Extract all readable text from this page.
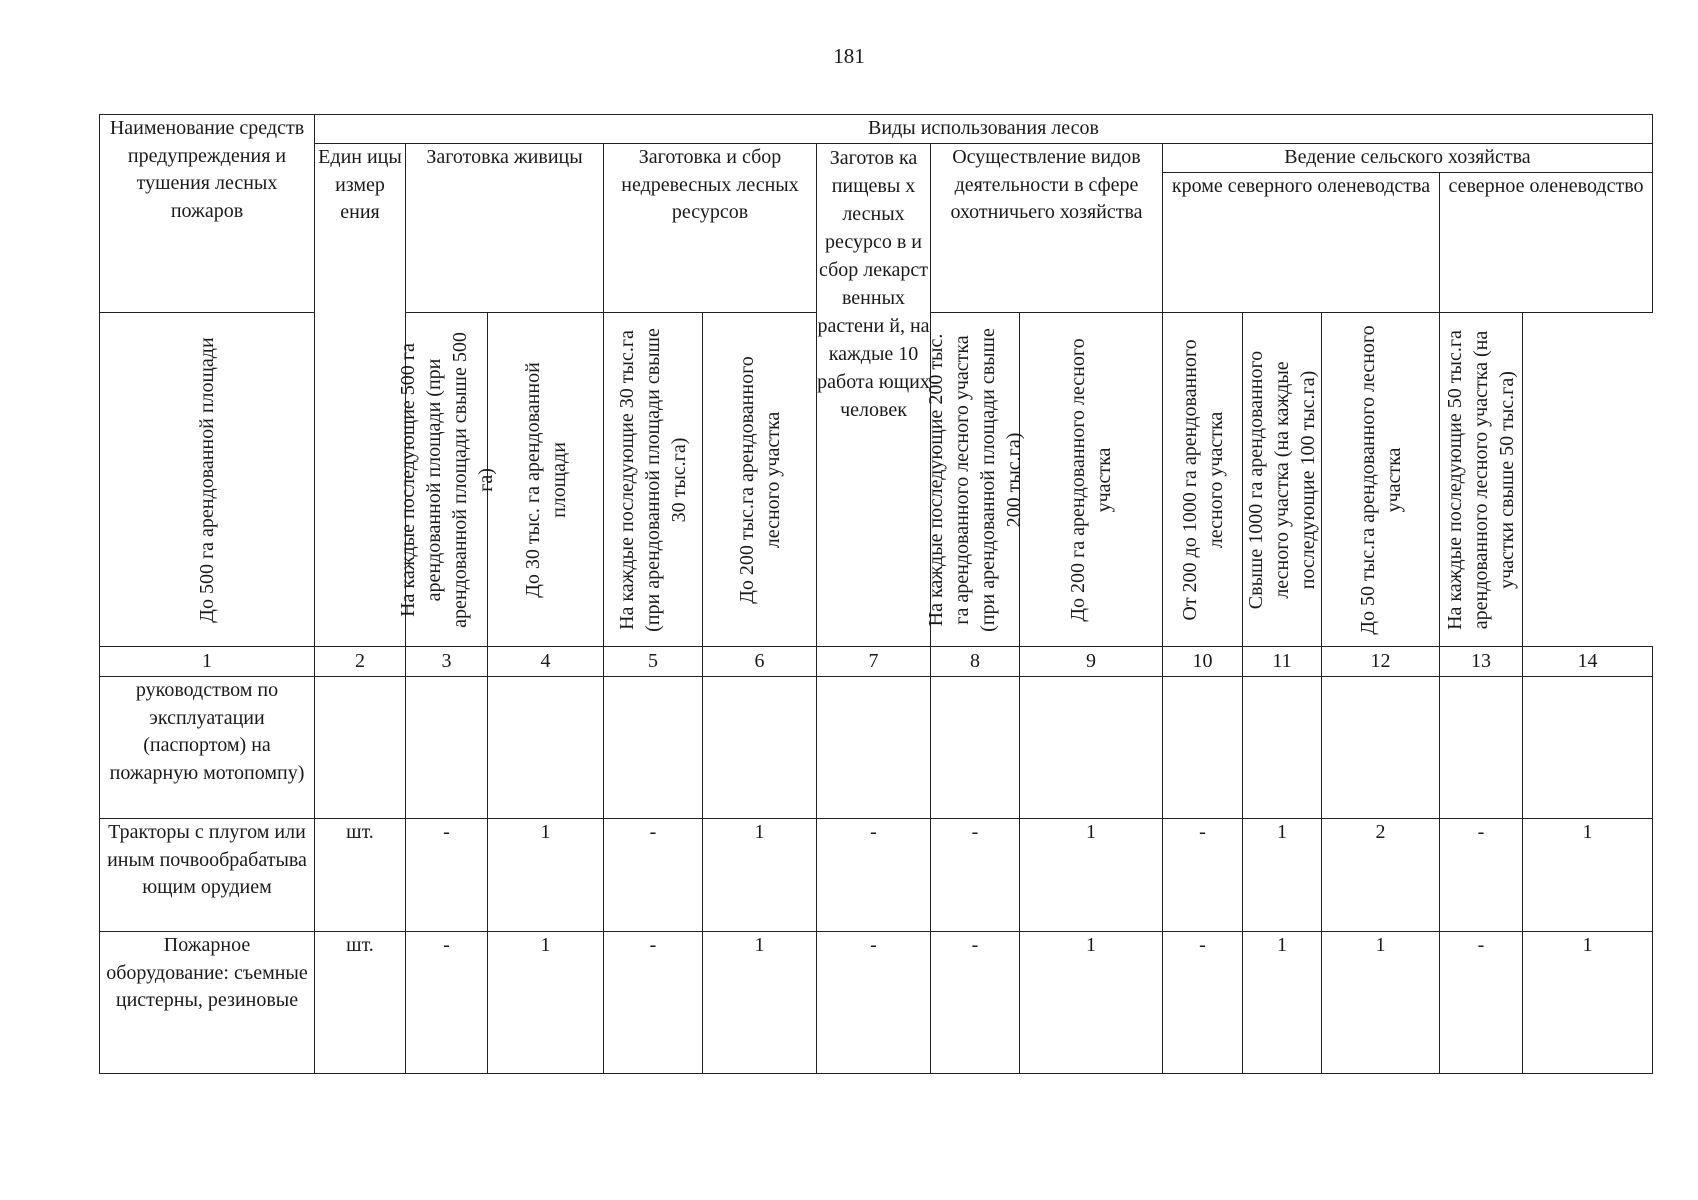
181
Наименование средств предупреждения и тушения лесных пожаров	Виды использования лесов												
	Един ицы измер ения	Заготовка живицы		Заготовка и сбор недревесных лесных ресурсов		Заготов ка пищевы х лесных ресурсо в и сбор лекарст венных растени й, на каждые 10 работа ющих человек	Осуществление видов деятельности в сфере охотничьего хозяйства		Ведение сельского хозяйства				
									кроме северного оленеводства			северное оленеводство	

До 500 га арендованной площади		На каждые последующие 500 га арендованной площади (при арендованной площади свыше 500 га)	До 30 тыс. га арендованной площади	На каждые последующие 30 тыс.га (при арендованной площади свыше 30 тыс.га)	До 200 тыс.га арендованного лесного участка		На каждые последующие 200 тыс. га арендованного лесного участка (при арендованной площади свыше 200 тыс.га)	До 200 га арендованного лесного участка	От 200 до 1000 га арендованного лесного участка	Свыше 1000 га арендованного лесного участка (на каждые последующие 100 тыс.га)	До 50 тыс.га арендованного лесного участка	На каждые последующие 50 тыс.га арендованного лесного участка (на участки свыше 50 тыс.га)	

1	2	3	4	5	6	7	8	9	10	11	12	13	14
руководством по эксплуатации (паспортом) на пожарную мотопомпу)													
Тракторы с плугом или иным почвообрабатыва ющим орудием	шт.	-	1	-	1	-	-	1	-	1	2	-	1
Пожарное оборудование: съемные цистерны, резиновые	шт.	-	1	-	1	-	-	1	-	1	1	-	1
